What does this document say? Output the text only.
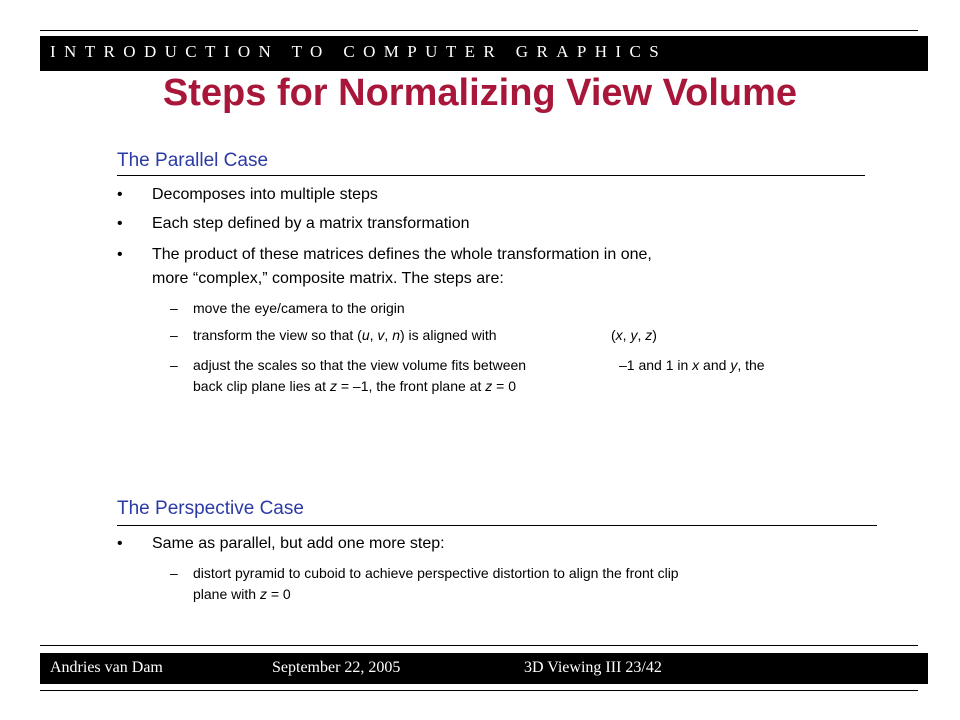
INTRODUCTION TO COMPUTER GRAPHICS
Steps for Normalizing View Volume
The Parallel Case
• Decomposes into multiple steps
• Each step defined by a matrix transformation
• The product of these matrices defines the whole transformation in one,
more “complex,” composite matrix. The steps are:
– move the eye/camera to the origin
– transform the view so that (u, v, n) is aligned with	(x, y, z)
– adjust the scales so that the view volume fits between	–1 and 1 in x and y, the
back clip plane lies at z = –1, the front plane at z = 0
The Perspective Case
• Same as parallel, but add one more step:
– distort pyramid to cuboid to achieve perspective distortion to align the front clip
plane with z = 0
Andries van Dam	September 22, 2005	3D Viewing III 23/42
